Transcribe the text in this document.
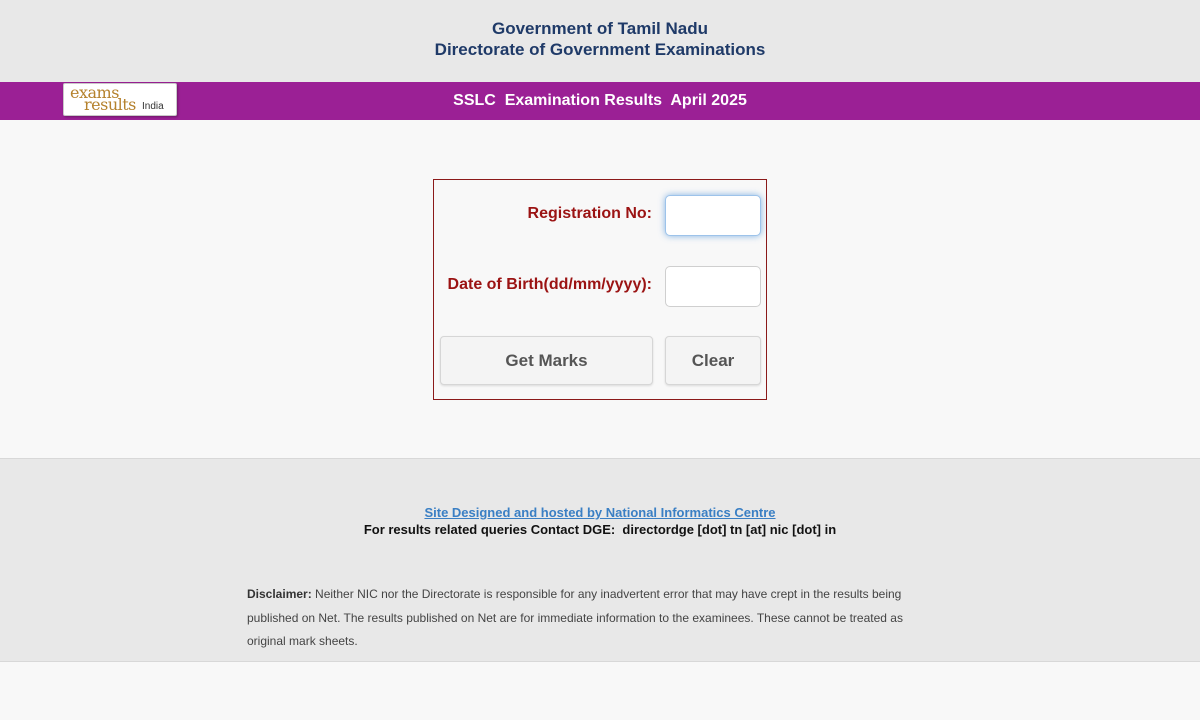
Government of Tamil Nadu
Directorate of Government Examinations
SSLC  Examination Results  April 2025
exams
results India
Registration No:
Date of Birth(dd/mm/yyyy):
Get Marks	Clear
Site Designed and hosted by National Informatics Centre
For results related queries Contact DGE:  directordge [dot] tn [at] nic [dot] in
Disclaimer: Neither NIC nor the Directorate is responsible for any inadvertent error that may have crept in the results being published on Net. The results published on Net are for immediate information to the examinees. These cannot be treated as original mark sheets.
